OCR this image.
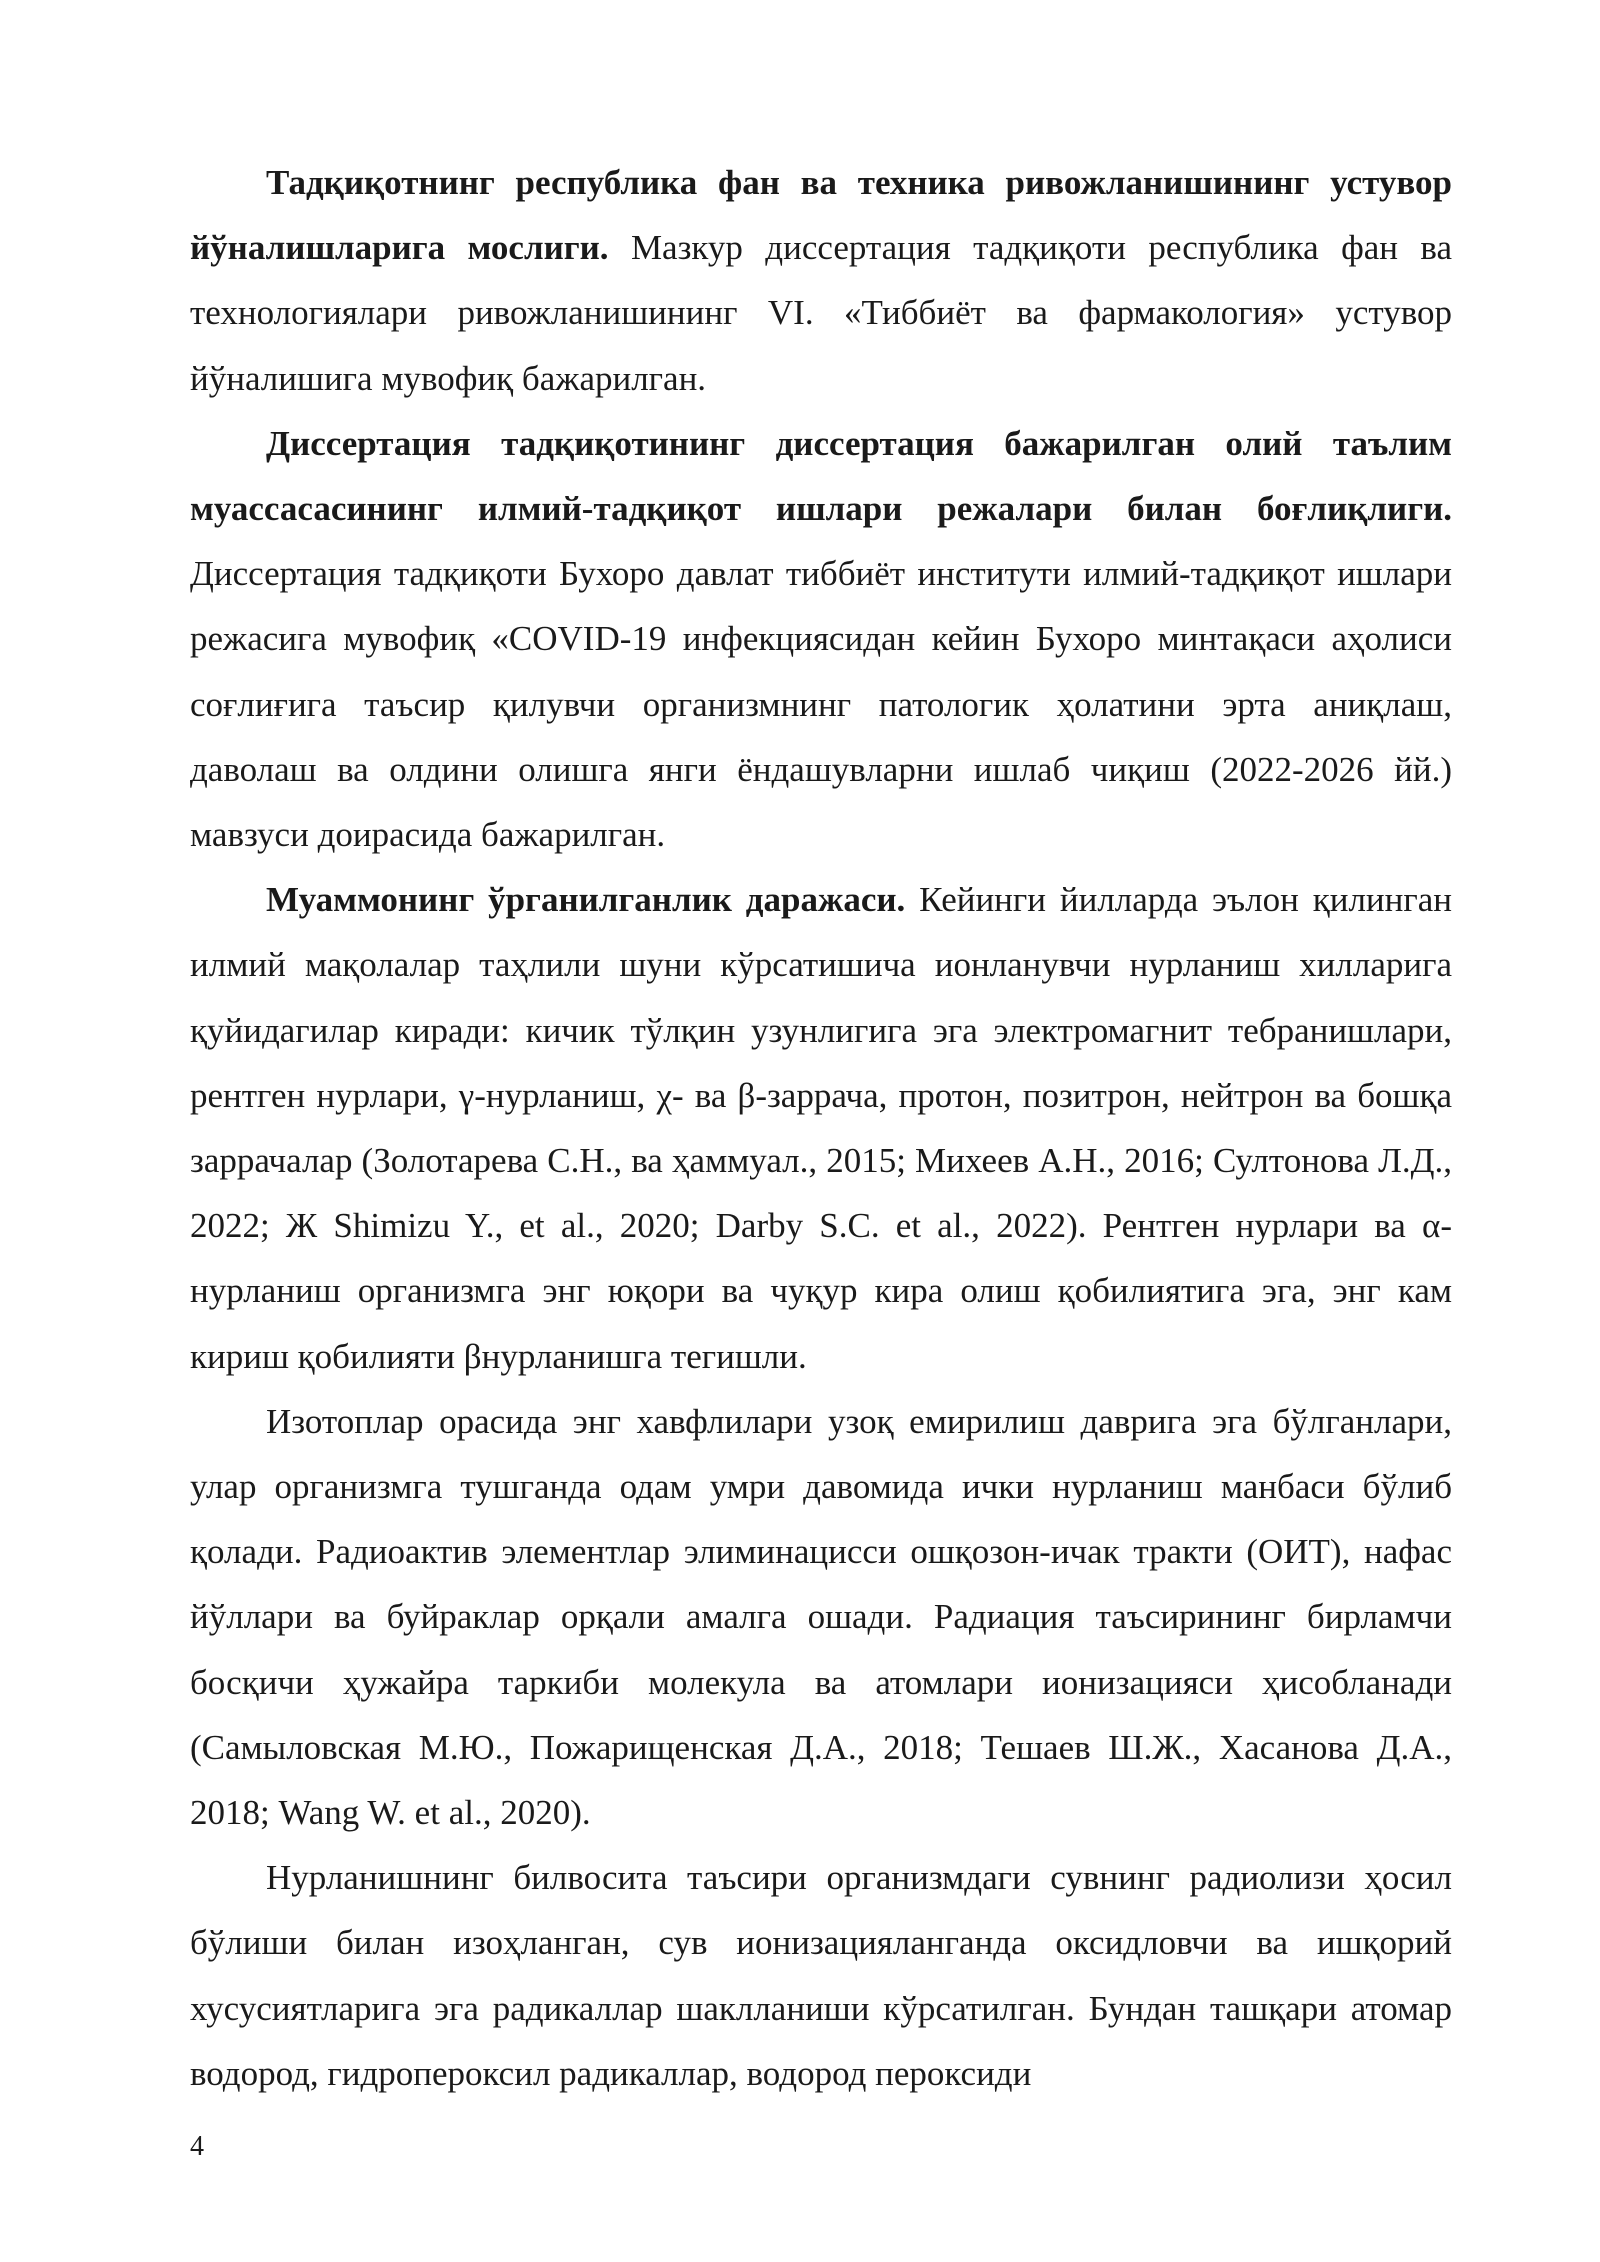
Тадқиқотнинг республика фан ва техника ривожланишининг устувор йўналишларига мослиги. Мазкур диссертация тадқиқоти республика фан ва технологиялари ривожланишининг VI. «Тиббиёт ва фармакология» устувор йўналишига мувофиқ бажарилган.

Диссертация тадқиқотининг диссертация бажарилган олий таълим муассасасининг илмий-тадқиқот ишлари режалари билан боғлиқлиги. Диссертация тадқиқоти Бухоро давлат тиббиёт институти илмий-тадқиқот ишлари режасига мувофиқ «COVID-19 инфекциясидан кейин Бухоро минтақаси аҳолиси соғлиғига таъсир қилувчи организмнинг патологик ҳолатини эрта аниқлаш, даволаш ва олдини олишга янги ёндашувларни ишлаб чиқиш (2022-2026 йй.) мавзуси доирасида бажарилган.

Муаммонинг ўрганилганлик даражаси. Кейинги йилларда эълон қилинган илмий мақолалар таҳлили шуни кўрсатишича ионланувчи нурланиш хилларига қуйидагилар киради: кичик тўлқин узунлигига эга электромагнит тебранишлари, рентген нурлари, γ-нурланиш, χ- ва β-заррача, протон, позитрон, нейтрон ва бошқа заррачалар (Золотарева С.Н., ва ҳаммуал., 2015; Михеев А.Н., 2016; Султонова Л.Д., 2022; Ж Shimizu Y., et al., 2020; Darby S.C. et al., 2022). Рентген нурлари ва α-нурланиш организмга энг юқори ва чуқур кира олиш қобилиятига эга, энг кам кириш қобилияти βнурланишга тегишли.

Изотоплар орасида энг хавфлилари узоқ емирилиш даврига эга бўлганлари, улар организмга тушганда одам умри давомида ички нурланиш манбаси бўлиб қолади. Радиоактив элементлар элиминацисси ошқозон-ичак тракти (ОИТ), нафас йўллари ва буйраклар орқали амалга ошади. Радиация таъсирининг бирламчи босқичи ҳужайра таркиби молекула ва атомлари ионизацияси ҳисобланади (Самыловская М.Ю., Пожарищенская Д.А., 2018; Тешаев Ш.Ж., Хасанова Д.А., 2018; Wang W. et al., 2020).

Нурланишнинг билвосита таъсири организмдаги сувнинг радиолизи ҳосил бўлиши билан изоҳланган, сув ионизацияланганда оксидловчи ва ишқорий хусусиятларига эга радикаллар шаклланиши кўрсатилган. Бундан ташқари атомар водород, гидропероксил радикаллар, водород пероксиди

4
